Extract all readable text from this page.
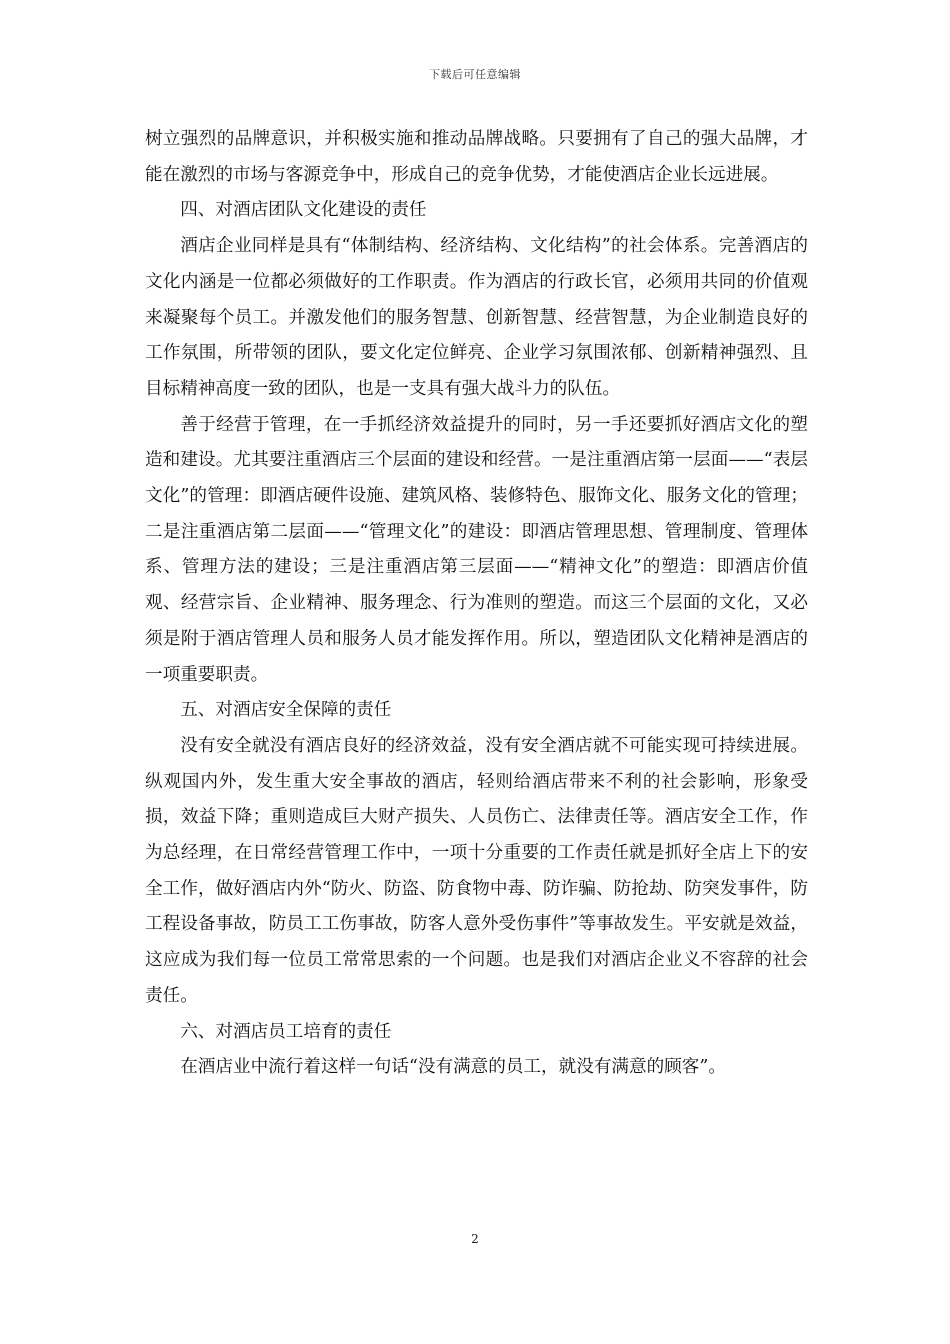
下载后可任意编辑

树立强烈的品牌意识，并积极实施和推动品牌战略。只要拥有了自己的强大品牌，才能在激烈的市场与客源竞争中，形成自己的竞争优势，才能使酒店企业长远进展。

四、对酒店团队文化建设的责任

酒店企业同样是具有“体制结构、经济结构、文化结构”的社会体系。完善酒店的文化内涵是一位都必须做好的工作职责。作为酒店的行政长官，必须用共同的价值观来凝聚每个员工。并激发他们的服务智慧、创新智慧、经营智慧，为企业制造良好的工作氛围，所带领的团队，要文化定位鲜亮、企业学习氛围浓郁、创新精神强烈、且目标精神高度一致的团队，也是一支具有强大战斗力的队伍。

善于经营于管理，在一手抓经济效益提升的同时，另一手还要抓好酒店文化的塑造和建设。尤其要注重酒店三个层面的建设和经营。一是注重酒店第一层面——“表层文化”的管理：即酒店硬件设施、建筑风格、装修特色、服饰文化、服务文化的管理；二是注重酒店第二层面——“管理文化”的建设：即酒店管理思想、管理制度、管理体系、管理方法的建设；三是注重酒店第三层面——“精神文化”的塑造：即酒店价值观、经营宗旨、企业精神、服务理念、行为准则的塑造。而这三个层面的文化，又必须是附于酒店管理人员和服务人员才能发挥作用。所以，塑造团队文化精神是酒店的一项重要职责。

五、对酒店安全保障的责任

没有安全就没有酒店良好的经济效益，没有安全酒店就不可能实现可持续进展。纵观国内外，发生重大安全事故的酒店，轻则给酒店带来不利的社会影响，形象受损，效益下降；重则造成巨大财产损失、人员伤亡、法律责任等。酒店安全工作，作为总经理，在日常经营管理工作中，一项十分重要的工作责任就是抓好全店上下的安全工作，做好酒店内外“防火、防盗、防食物中毒、防诈骗、防抢劫、防突发事件，防工程设备事故，防员工工伤事故，防客人意外受伤事件”等事故发生。平安就是效益，这应成为我们每一位员工常常思索的一个问题。也是我们对酒店企业义不容辞的社会责任。

六、对酒店员工培育的责任

在酒店业中流行着这样一句话“没有满意的员工，就没有满意的顾客”。

2
